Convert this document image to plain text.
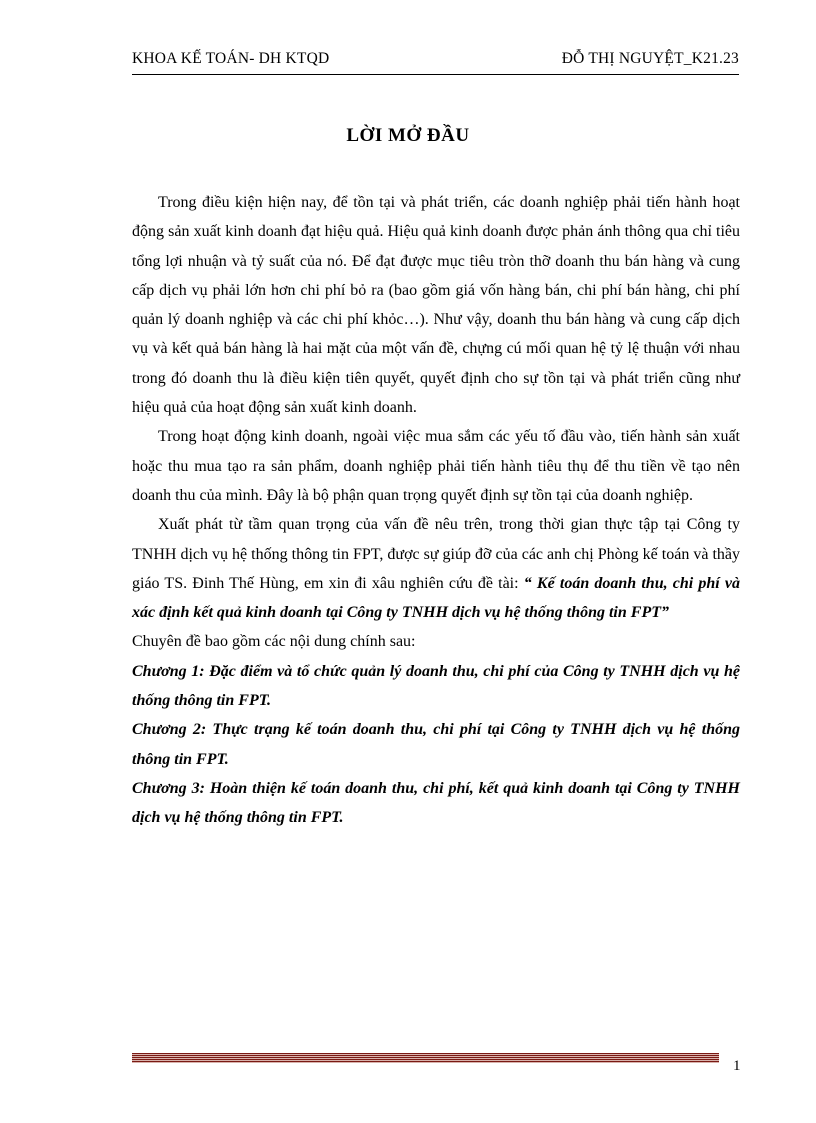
KHOA KẾ TOÁN- DH KTQD	ĐỖ THỊ NGUYỆT_K21.23
LỜI MỞ ĐẦU

Trong điều kiện hiện nay, để tồn tại và phát triển, các doanh nghiệp phải tiến hành hoạt động sản xuất kinh doanh đạt hiệu quả. Hiệu quả kinh doanh được phản ánh thông qua chỉ tiêu tổng lợi nhuận và tỷ suất của nó. Để đạt được mục tiêu tròn thỡ doanh thu bán hàng và cung cấp dịch vụ phải lớn hơn chi phí bỏ ra (bao gồm giá vốn hàng bán, chi phí bán hàng, chi phí quản lý doanh nghiệp và các chi phí khỏc…). Như vậy, doanh thu bán hàng và cung cấp dịch vụ và kết quả bán hàng là hai mặt của một vấn đề, chựng cú mối quan hệ tỷ lệ thuận với nhau trong đó doanh thu là điều kiện tiên quyết, quyết định cho sự tồn tại và phát triển cũng như hiệu quả của hoạt động sản xuất kinh doanh.

Trong hoạt động kinh doanh, ngoài việc mua sắm các yếu tố đầu vào, tiến hành sản xuất hoặc thu mua tạo ra sản phẩm, doanh nghiệp phải tiến hành tiêu thụ để thu tiền về tạo nên doanh thu của mình. Đây là bộ phận quan trọng quyết định sự tồn tại của doanh nghiệp.

Xuất phát từ tầm quan trọng của vấn đề nêu trên, trong thời gian thực tập tại Công ty TNHH dịch vụ hệ thống thông tin FPT, được sự giúp đỡ của các anh chị Phòng kế toán và thầy giáo TS. Đinh Thế Hùng, em xin đi xâu nghiên cứu đề tài: “ Kế toán doanh thu, chi phí và xác định kết quả kinh doanh tại Công ty TNHH dịch vụ hệ thống thông tin FPT”

Chuyên đề bao gồm các nội dung chính sau:

Chương 1: Đặc điểm và tổ chức quản lý doanh thu, chi phí của Công ty TNHH dịch vụ hệ thống thông tin FPT.

Chương 2: Thực trạng kế toán doanh thu, chi phí tại Công ty TNHH dịch vụ hệ thống thông tin FPT.

Chương 3: Hoàn thiện kế toán doanh thu, chi phí, kết quả kinh doanh tại Công ty TNHH dịch vụ hệ thống thông tin FPT.

1
